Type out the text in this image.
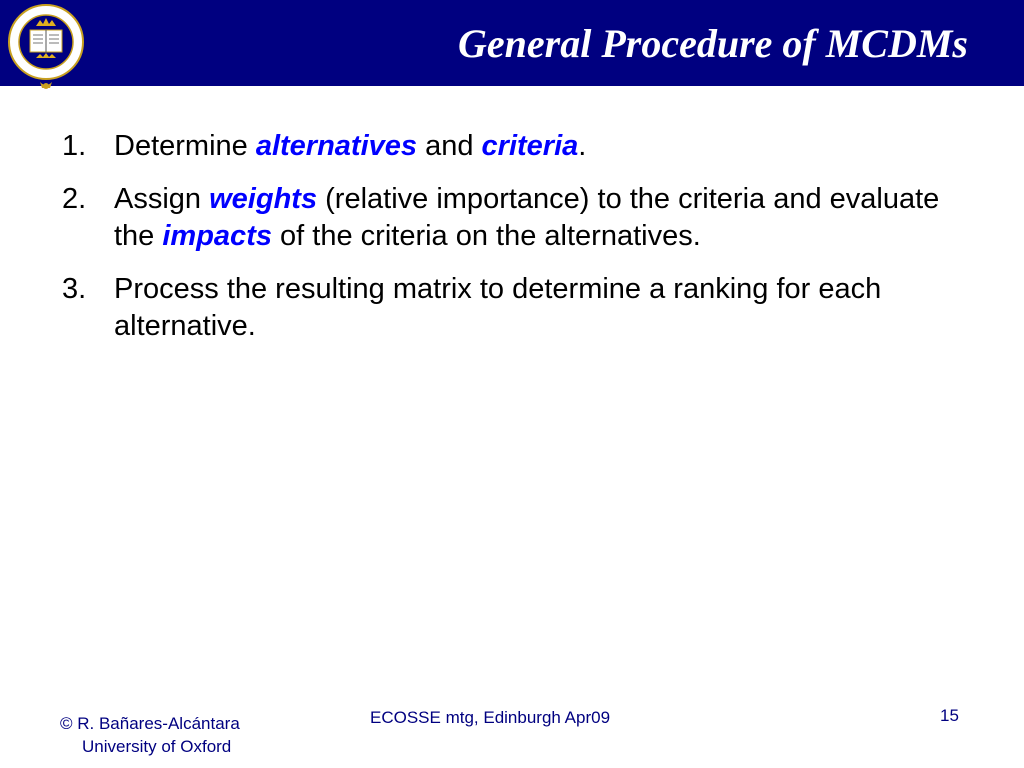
General Procedure of MCDMs
1. Determine alternatives and criteria.
2. Assign weights (relative importance) to the criteria and evaluate the impacts of the criteria on the alternatives.
3. Process the resulting matrix to determine a ranking for each alternative.
© R. Bañares-Alcántara
University of Oxford
ECOSSE mtg, Edinburgh Apr09	15
